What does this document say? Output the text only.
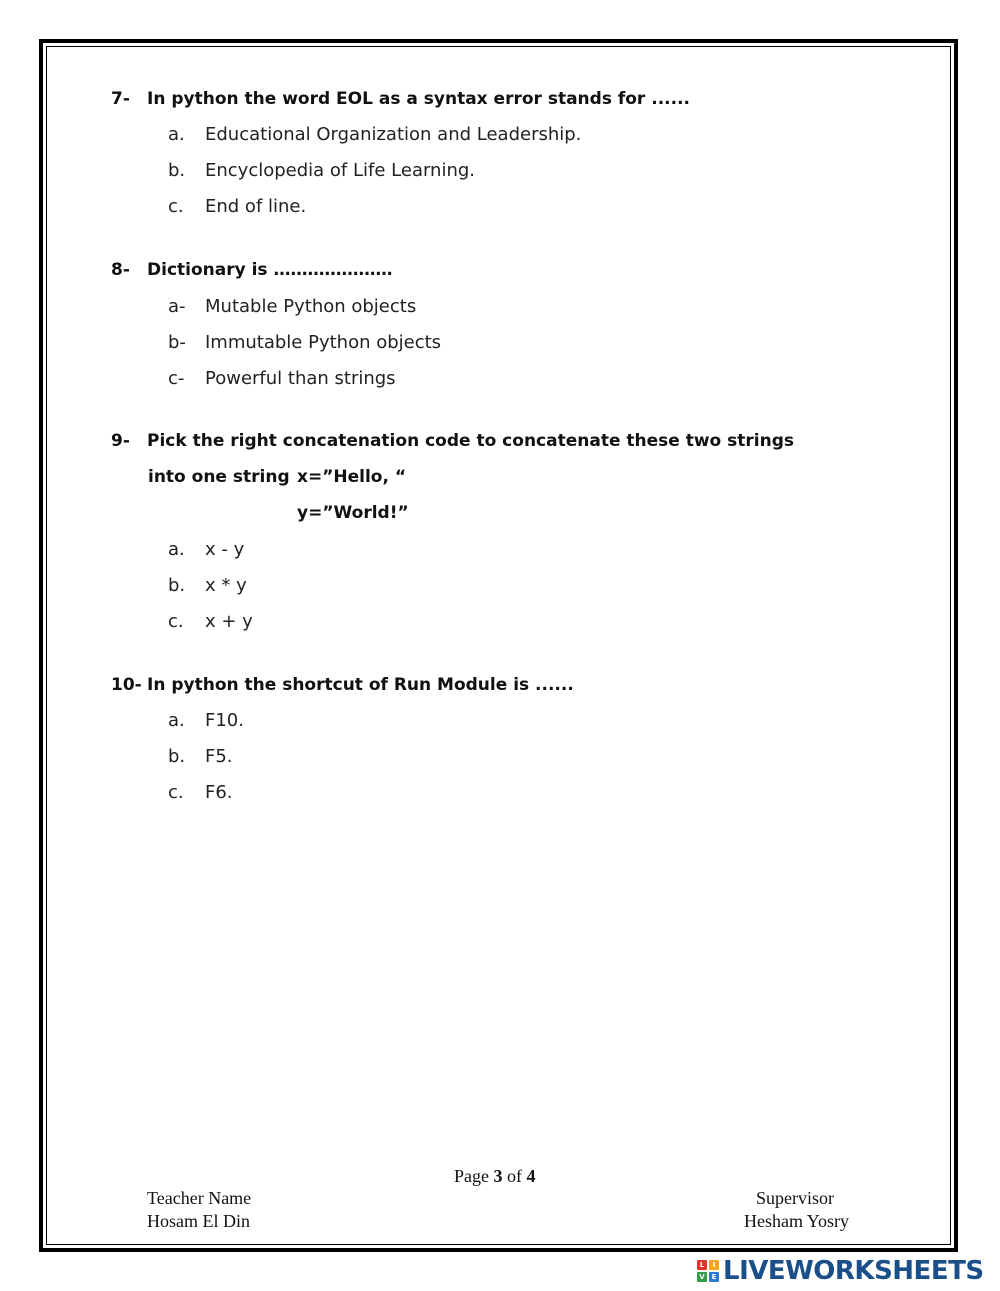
7- In python the word EOL as a syntax error stands for ......
a. Educational Organization and Leadership.
b. Encyclopedia of Life Learning.
c. End of line.
8- Dictionary is …………………
a- Mutable Python objects
b- Immutable Python objects
c- Powerful than strings
9- Pick the right concatenation code to concatenate these two strings
into one string x=”Hello, “
y=”World!”
a. x - y
b. x * y
c. x + y
10- In python the shortcut of Run Module is ......
a. F10.
b. F5.
c. F6.
Page 3 of 4
Teacher Name
Hosam El Din
Supervisor
Hesham Yosry
L	I
V E LIVEWORKSHEETS
